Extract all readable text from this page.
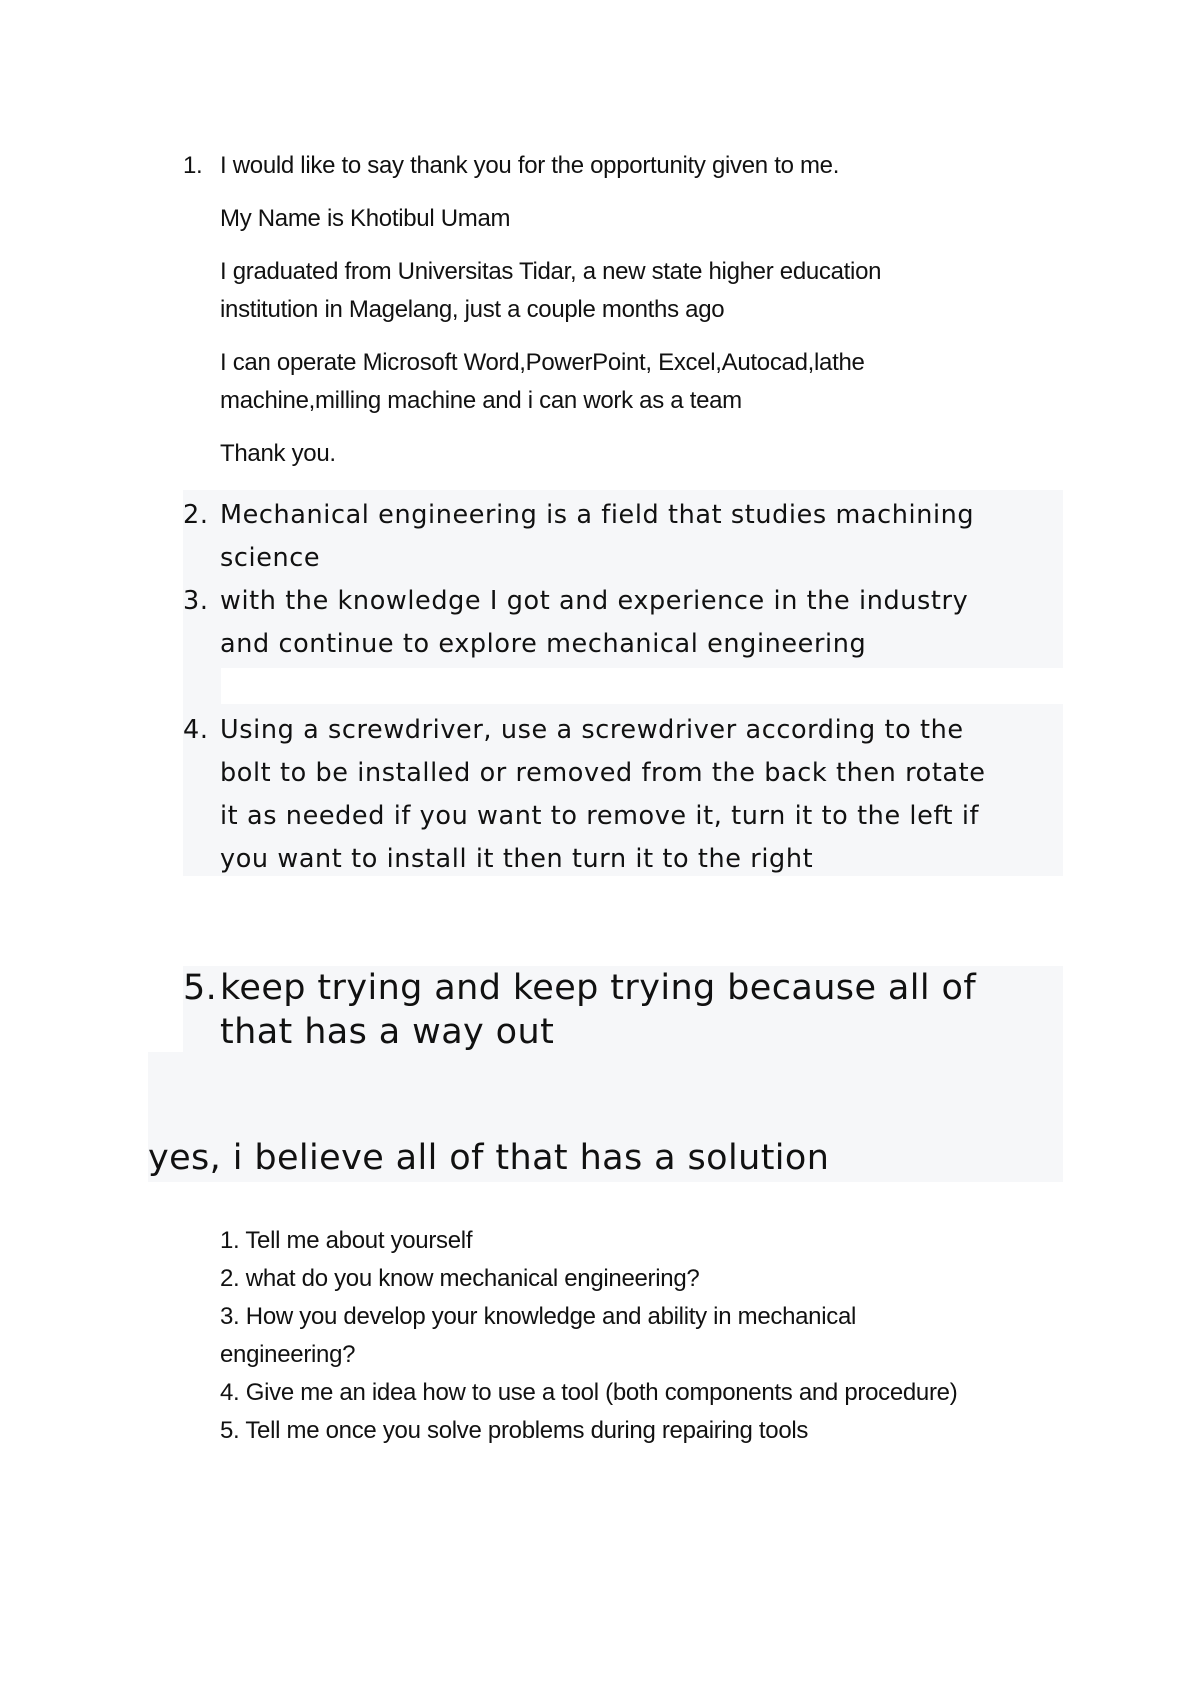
1. I would like to say thank you for the opportunity given to me.
My Name is Khotibul Umam
I graduated from Universitas Tidar, a new state higher education
institution in Magelang, just a couple months ago
I can operate Microsoft Word,PowerPoint, Excel,Autocad,lathe
machine,milling machine and i can work as a team
Thank you.
2. Mechanical engineering is a field that studies machining
science
3. with the knowledge I got and experience in the industry
and continue to explore mechanical engineering
4. Using a screwdriver, use a screwdriver according to the
bolt to be installed or removed from the back then rotate
it as needed if you want to remove it, turn it to the left if
you want to install it then turn it to the right
5. keep trying and keep trying because all of
that has a way out
yes, i believe all of that has a solution
1. Tell me about yourself
2. what do you know mechanical engineering?
3. How you develop your knowledge and ability in mechanical
engineering?
4. Give me an idea how to use a tool (both components and procedure)
5. Tell me once you solve problems during repairing tools
